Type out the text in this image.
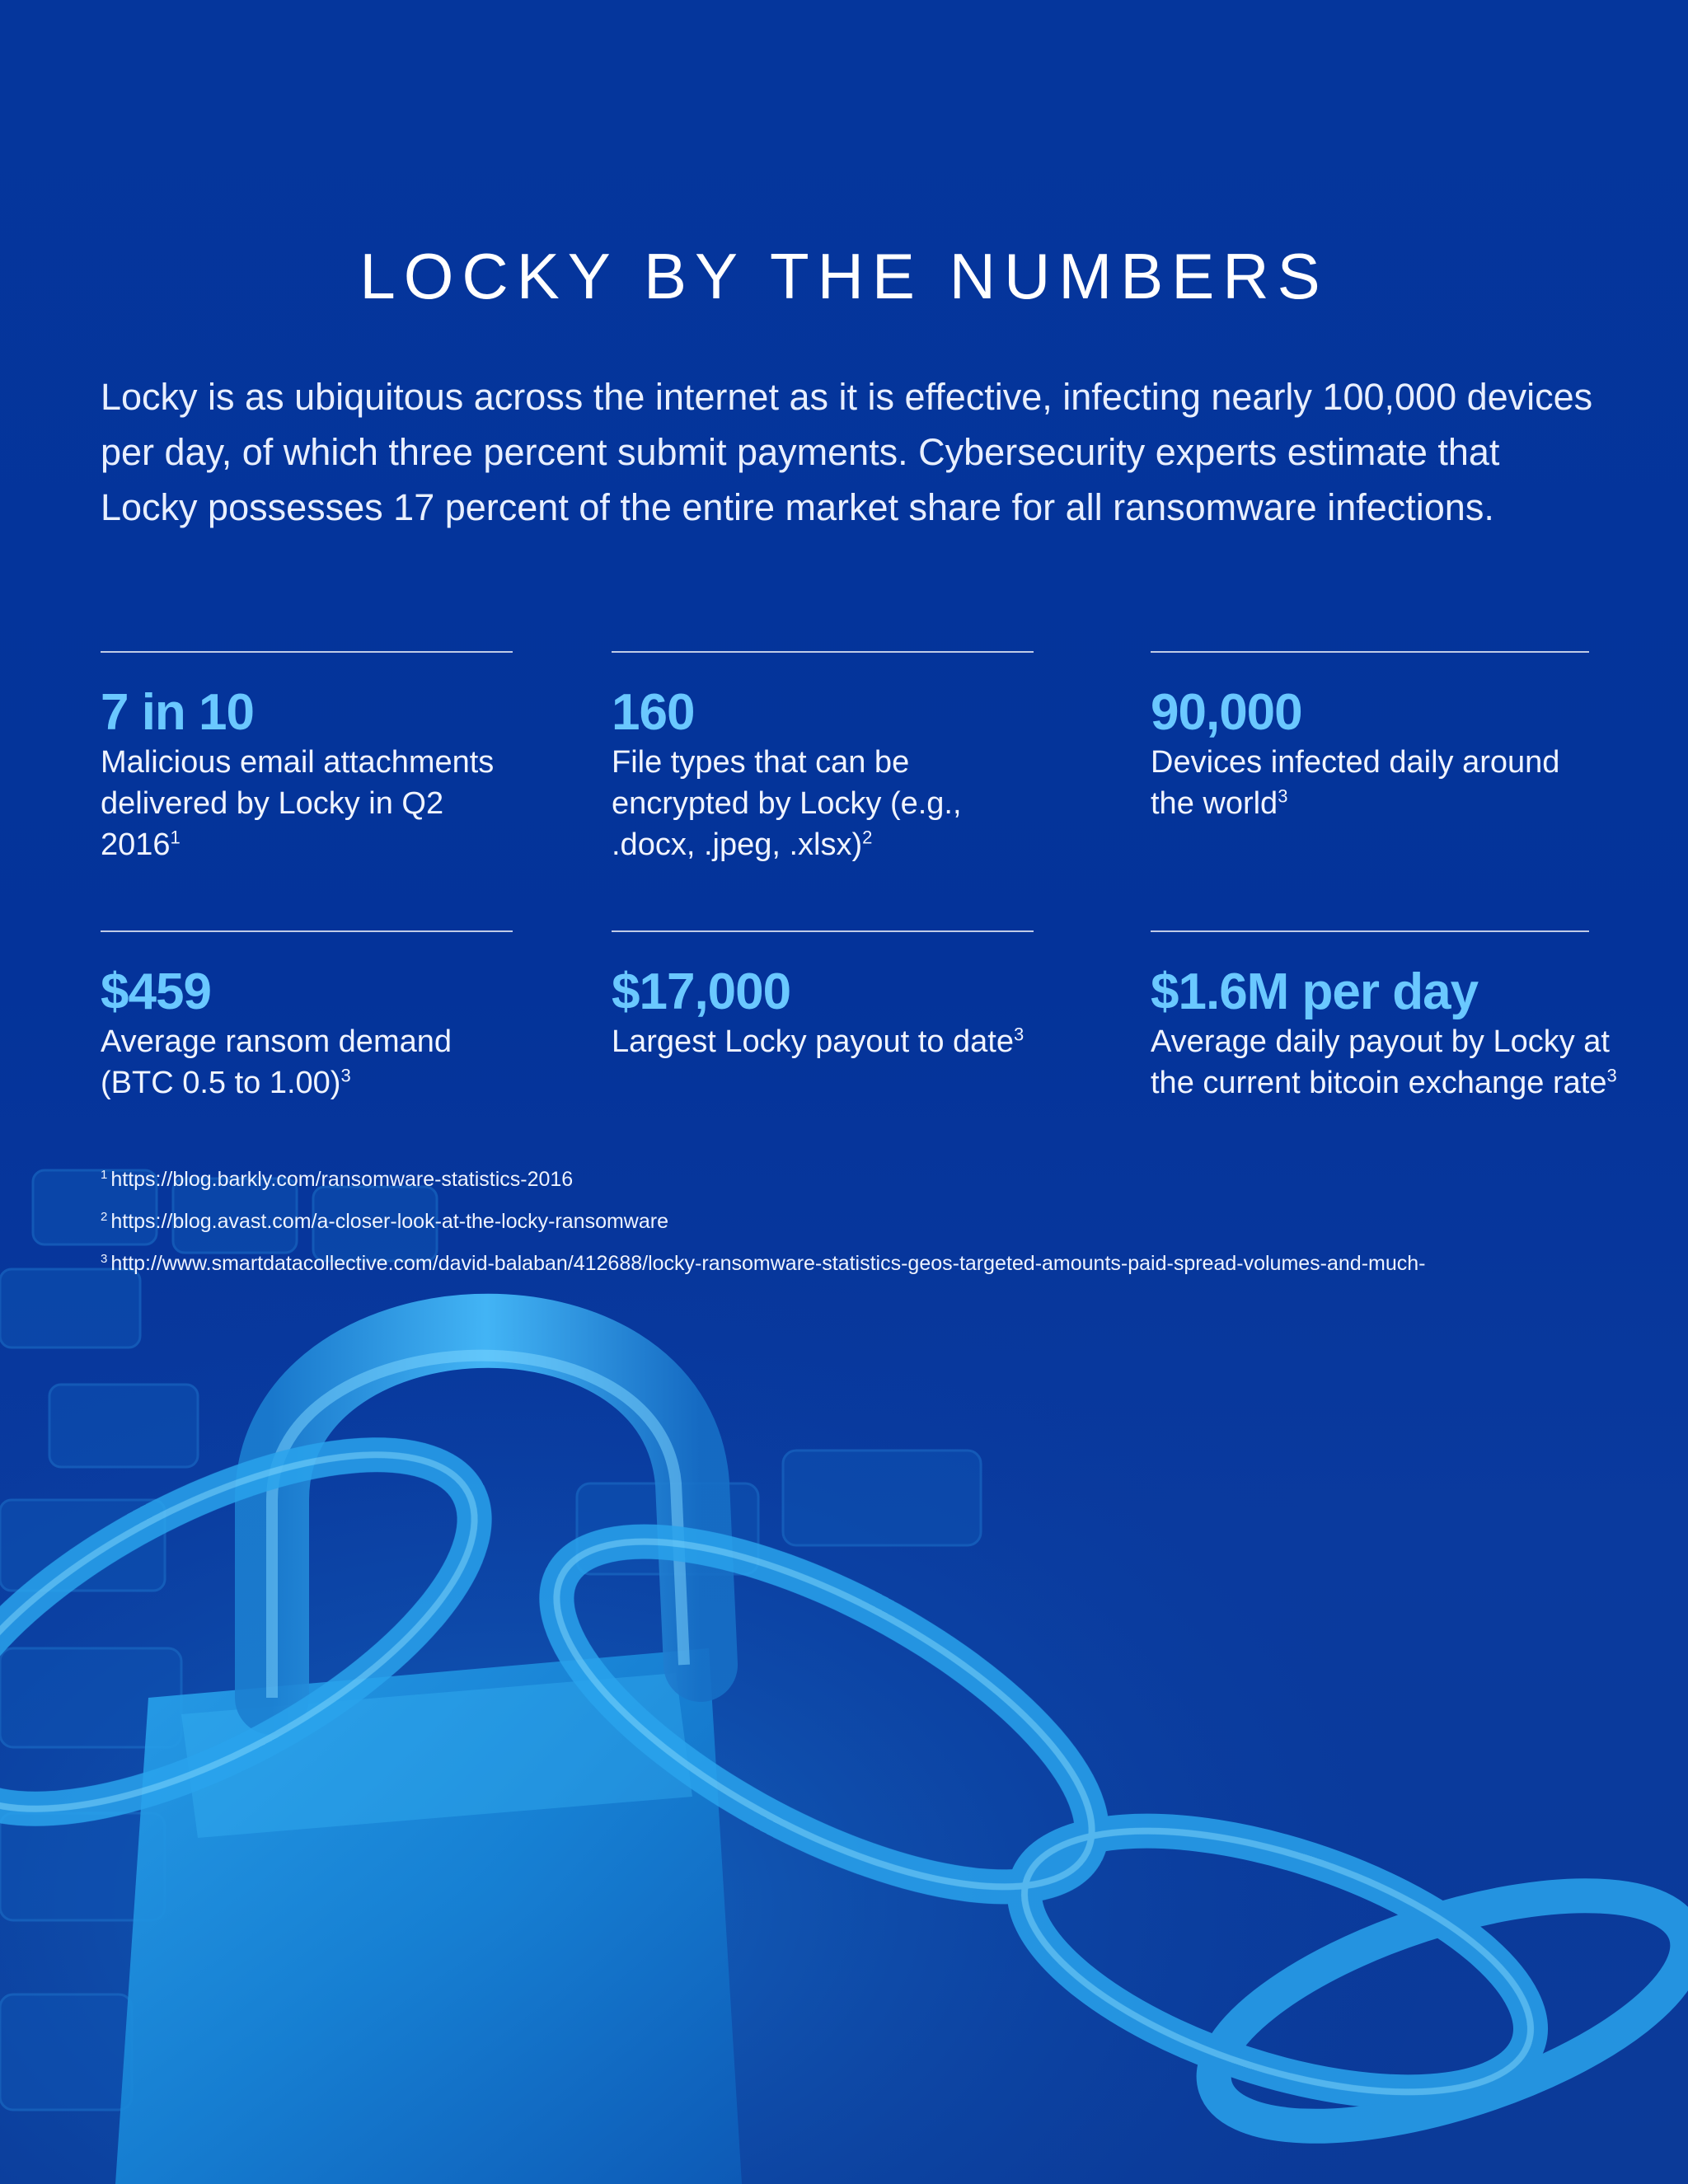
LOCKY BY THE NUMBERS
Locky is as ubiquitous across the internet as it is effective, infecting nearly 100,000 devices per day, of which three percent submit payments. Cybersecurity experts estimate that Locky possesses 17 percent of the entire market share for all ransomware infections.
7 in 10
Malicious email attachments delivered by Locky in Q2 2016$^1$
160
File types that can be encrypted by Locky (e.g., .docx, .jpeg, .xlsx)$^2$
90,000
Devices infected daily around the world$^3$
$459
Average ransom demand (BTC 0.5 to 1.00)$^3$
$17,000
Largest Locky payout to date$^3$
$1.6M per day
Average daily payout by Locky at the current bitcoin exchange rate$^3$
$^1$ https://blog.barkly.com/ransomware-statistics-2016
$^2$ https://blog.avast.com/a-closer-look-at-the-locky-ransomware
$^3$ http://www.smartdatacollective.com/david-balaban/412688/locky-ransomware-statistics-geos-targeted-amounts-paid-spread-volumes-and-much-
